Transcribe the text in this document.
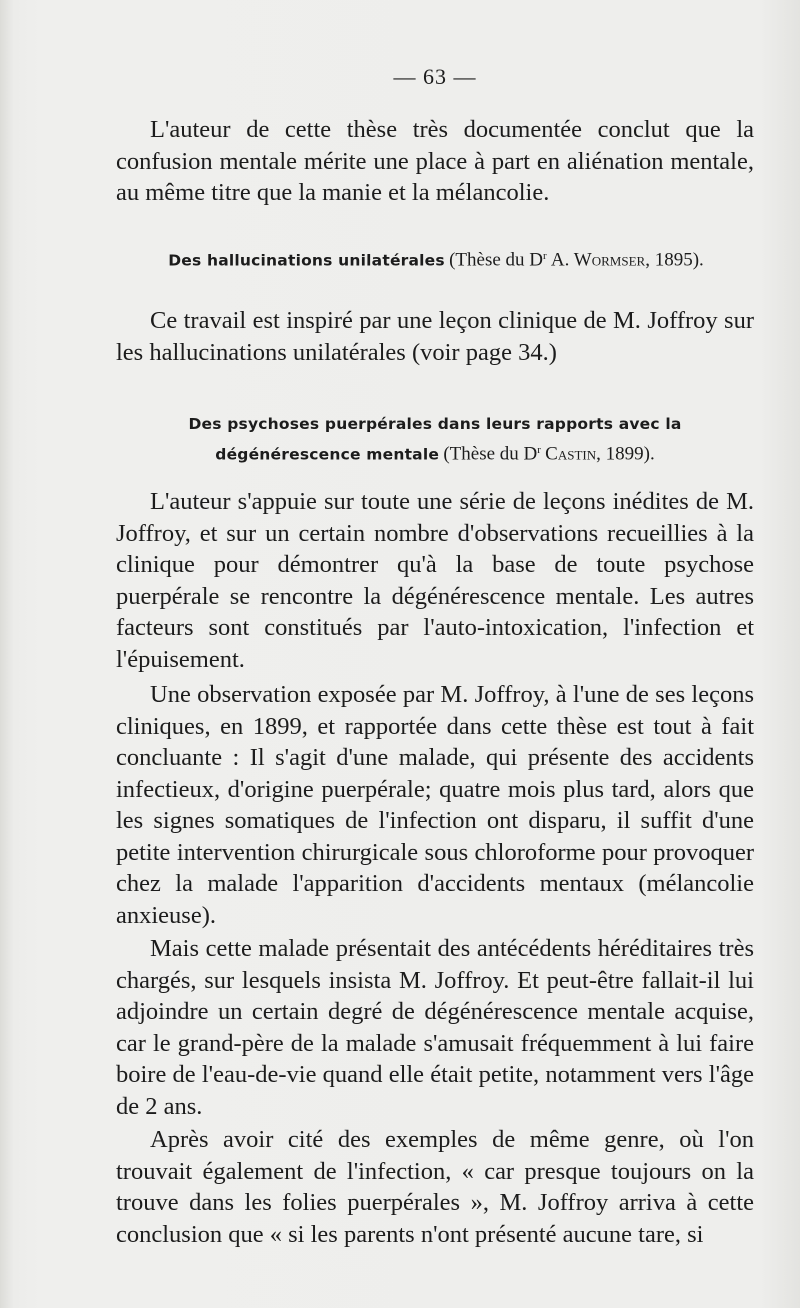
— 63 —

L'auteur de cette thèse très documentée conclut que la confusion mentale mérite une place à part en aliénation mentale, au même titre que la manie et la mélancolie.

Des hallucinations unilatérales (Thèse du $D^r$ A. Wormser, 1895).

Ce travail est inspiré par une leçon clinique de M. Joffroy sur les hallucinations unilatérales (voir page 34.)

Des psychoses puerpérales dans leurs rapports avec la
dégénérescence mentale (Thèse du $D^r$ Castin, 1899).

L'auteur s'appuie sur toute une série de leçons inédites de M. Joffroy, et sur un certain nombre d'observations recueillies à la clinique pour démontrer qu'à la base de toute psychose puerpérale se rencontre la dégénérescence mentale. Les autres facteurs sont constitués par l'auto-intoxication, l'infection et l'épuisement.

Une observation exposée par M. Joffroy, à l'une de ses leçons cliniques, en 1899, et rapportée dans cette thèse est tout à fait concluante : Il s'agit d'une malade, qui présente des accidents infectieux, d'origine puerpérale; quatre mois plus tard, alors que les signes somatiques de l'infection ont disparu, il suffit d'une petite intervention chirurgicale sous chloroforme pour provoquer chez la malade l'apparition d'accidents mentaux (mélancolie anxieuse).

Mais cette malade présentait des antécédents héréditaires très chargés, sur lesquels insista M. Joffroy. Et peut-être fallait-il lui adjoindre un certain degré de dégénérescence mentale acquise, car le grand-père de la malade s'amusait fréquemment à lui faire boire de l'eau-de-vie quand elle était petite, notamment vers l'âge de 2 ans.

Après avoir cité des exemples de même genre, où l'on trouvait également de l'infection, « car presque toujours on la trouve dans les folies puerpérales », M. Joffroy arriva à cette conclusion que « si les parents n'ont présenté aucune tare, si
